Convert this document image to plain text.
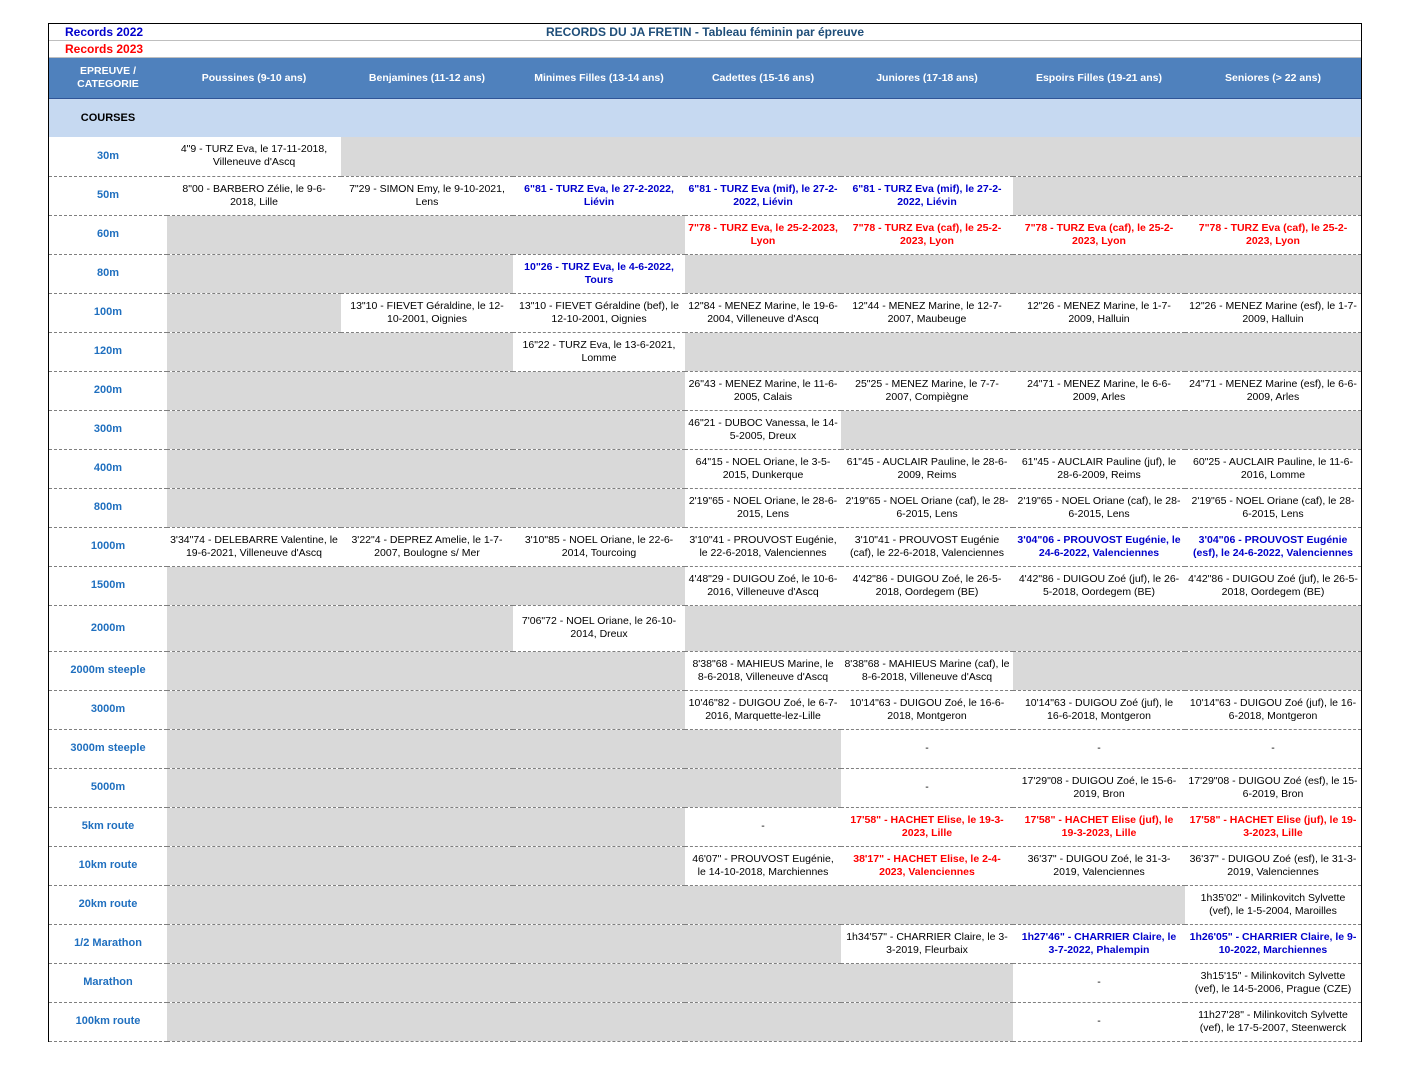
Records 2022	RECORDS DU JA FRETIN - Tableau féminin par épreuve
Records 2023
EPREUVE / CATEGORIE	Poussines (9-10 ans)	Benjamines (11-12 ans)	Minimes Filles (13-14 ans)	Cadettes (15-16 ans)	Juniores (17-18 ans)	Espoirs Filles (19-21 ans)	Seniores (> 22 ans)
COURSES							
30m	4"9 - TURZ Eva, le 17-11-2018, Villeneuve d'Ascq						
50m	8"00 - BARBERO Zélie, le 9-6-2018, Lille	7"29 - SIMON Emy, le 9-10-2021, Lens	6"81 - TURZ Eva, le 27-2-2022, Liévin	6"81 - TURZ Eva (mif), le 27-2-2022, Liévin	6"81 - TURZ Eva (mif), le 27-2-2022, Liévin		
60m				7"78 - TURZ Eva, le 25-2-2023, Lyon	7"78 - TURZ Eva (caf), le 25-2-2023, Lyon	7"78 - TURZ Eva (caf), le 25-2-2023, Lyon	7"78 - TURZ Eva (caf), le 25-2-2023, Lyon
80m			10"26 - TURZ Eva, le 4-6-2022, Tours				
100m		13"10 - FIEVET Géraldine, le 12-10-2001, Oignies	13"10 - FIEVET Géraldine (bef), le 12-10-2001, Oignies	12"84 - MENEZ Marine, le 19-6-2004, Villeneuve d'Ascq	12"44 - MENEZ Marine, le 12-7-2007, Maubeuge	12"26 - MENEZ Marine, le 1-7-2009, Halluin	12"26 - MENEZ Marine (esf), le 1-7-2009, Halluin
120m			16"22 - TURZ Eva, le 13-6-2021, Lomme				
200m				26"43 - MENEZ Marine, le 11-6-2005, Calais	25"25 - MENEZ Marine, le 7-7-2007, Compiègne	24"71 - MENEZ Marine, le 6-6-2009, Arles	24"71 - MENEZ Marine (esf), le 6-6-2009, Arles
300m				46"21 - DUBOC Vanessa, le 14-5-2005, Dreux			
400m				64"15 - NOEL Oriane, le 3-5-2015, Dunkerque	61"45 - AUCLAIR Pauline, le 28-6-2009, Reims	61"45 - AUCLAIR Pauline (juf), le 28-6-2009, Reims	60"25 - AUCLAIR Pauline, le 11-6-2016, Lomme
800m				2'19"65 - NOEL Oriane, le 28-6-2015, Lens	2'19"65 - NOEL Oriane (caf), le 28-6-2015, Lens	2'19"65 - NOEL Oriane (caf), le 28-6-2015, Lens	2'19"65 - NOEL Oriane (caf), le 28-6-2015, Lens
1000m	3'34"74 - DELEBARRE Valentine, le 19-6-2021, Villeneuve d'Ascq	3'22"4 - DEPREZ Amelie, le 1-7-2007, Boulogne s/ Mer	3'10"85 - NOEL Oriane, le 22-6-2014, Tourcoing	3'10"41 - PROUVOST Eugénie, le 22-6-2018, Valenciennes	3'10"41 - PROUVOST Eugénie (caf), le 22-6-2018, Valenciennes	3'04"06 - PROUVOST Eugénie, le 24-6-2022, Valenciennes	3'04"06 - PROUVOST Eugénie (esf), le 24-6-2022, Valenciennes
1500m				4'48"29 - DUIGOU Zoé, le 10-6-2016, Villeneuve d'Ascq	4'42"86 - DUIGOU Zoé, le 26-5-2018, Oordegem (BE)	4'42"86 - DUIGOU Zoé (juf), le 26-5-2018, Oordegem (BE)	4'42"86 - DUIGOU Zoé (juf), le 26-5-2018, Oordegem (BE)
2000m			7'06"72 - NOEL Oriane, le 26-10-2014, Dreux				
2000m steeple				8'38"68 - MAHIEUS Marine, le 8-6-2018, Villeneuve d'Ascq	8'38"68 - MAHIEUS Marine (caf), le 8-6-2018, Villeneuve d'Ascq		
3000m				10'46"82 - DUIGOU Zoé, le 6-7-2016, Marquette-lez-Lille	10'14"63 - DUIGOU Zoé, le 16-6-2018, Montgeron	10'14"63 - DUIGOU Zoé (juf), le 16-6-2018, Montgeron	10'14"63 - DUIGOU Zoé (juf), le 16-6-2018, Montgeron
3000m steeple					-	-	-
5000m					-	17'29"08 - DUIGOU Zoé, le 15-6-2019, Bron	17'29"08 - DUIGOU Zoé (esf), le 15-6-2019, Bron
5km route				-	17'58" - HACHET Elise, le 19-3-2023, Lille	17'58" - HACHET Elise (juf), le 19-3-2023, Lille	17'58" - HACHET Elise (juf), le 19-3-2023, Lille
10km route				46'07" - PROUVOST Eugénie, le 14-10-2018, Marchiennes	38'17" - HACHET Elise, le 2-4-2023, Valenciennes	36'37" - DUIGOU Zoé, le 31-3-2019, Valenciennes	36'37" - DUIGOU Zoé (esf), le 31-3-2019, Valenciennes
20km route							1h35'02" - Milinkovitch Sylvette (vef), le 1-5-2004, Maroilles
1/2 Marathon					1h34'57" - CHARRIER Claire, le 3-3-2019, Fleurbaix	1h27'46" - CHARRIER Claire, le 3-7-2022, Phalempin	1h26'05" - CHARRIER Claire, le 9-10-2022, Marchiennes
Marathon						-	3h15'15" - Milinkovitch Sylvette (vef), le 14-5-2006, Prague (CZE)
100km route						-	11h27'28" - Milinkovitch Sylvette (vef), le 17-5-2007, Steenwerck
